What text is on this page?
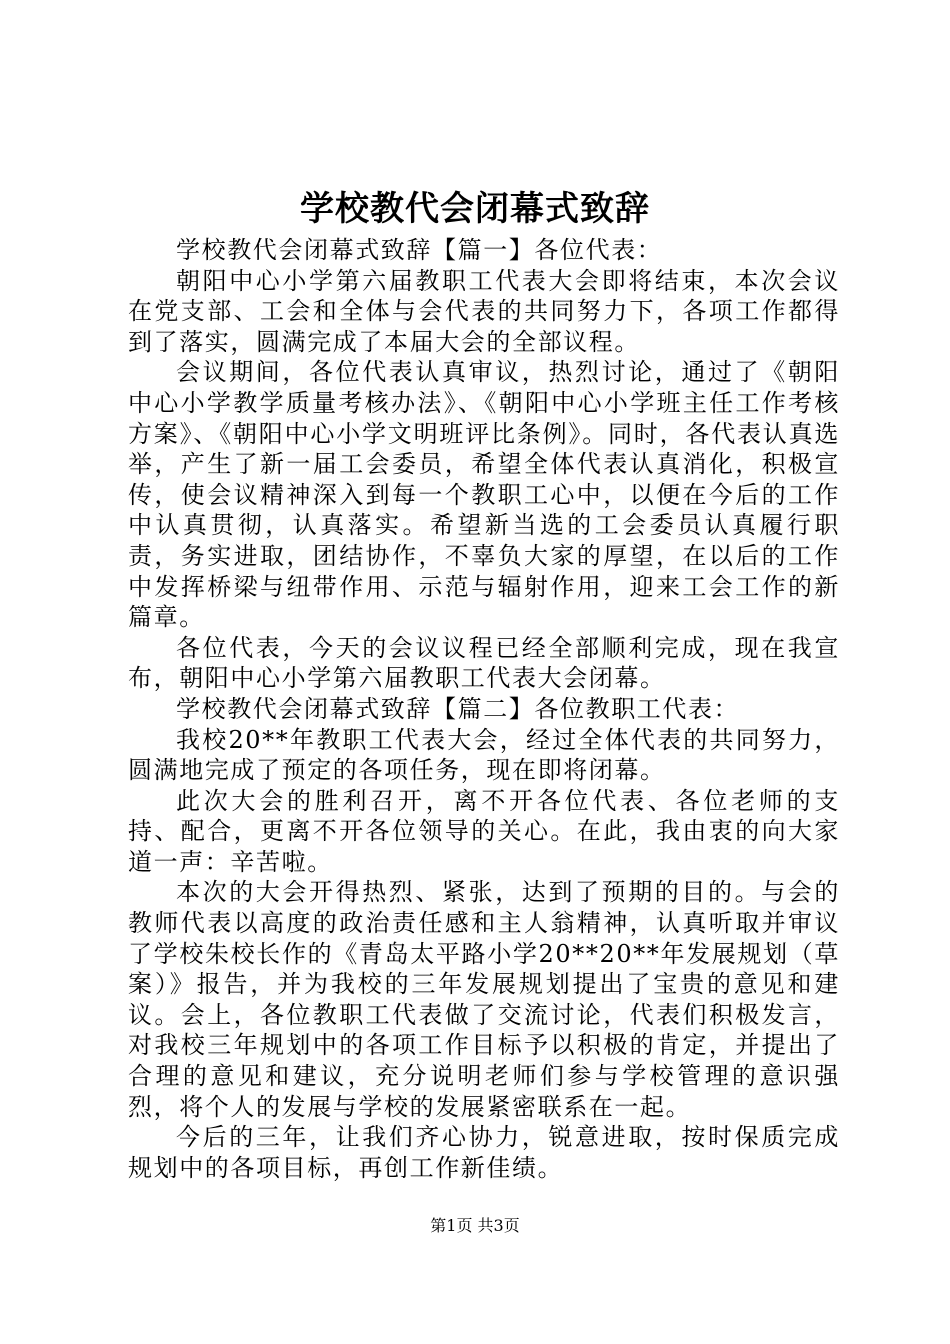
学校教代会闭幕式致辞

学校教代会闭幕式致辞【篇一】各位代表：

朝阳中心小学第六届教职工代表大会即将结束，本次会议在党支部、工会和全体与会代表的共同努力下，各项工作都得到了落实，圆满完成了本届大会的全部议程。

会议期间，各位代表认真审议，热烈讨论，通过了《朝阳中心小学教学质量考核办法》、《朝阳中心小学班主任工作考核方案》、《朝阳中心小学文明班评比条例》。同时，各代表认真选举，产生了新一届工会委员，希望全体代表认真消化，积极宣传，使会议精神深入到每一个教职工心中，以便在今后的工作中认真贯彻，认真落实。希望新当选的工会委员认真履行职责，务实进取，团结协作，不辜负大家的厚望，在以后的工作中发挥桥梁与纽带作用、示范与辐射作用，迎来工会工作的新篇章。

各位代表，今天的会议议程已经全部顺利完成，现在我宣布，朝阳中心小学第六届教职工代表大会闭幕。

学校教代会闭幕式致辞【篇二】各位教职工代表：

我校20**年教职工代表大会，经过全体代表的共同努力，圆满地完成了预定的各项任务，现在即将闭幕。

此次大会的胜利召开，离不开各位代表、各位老师的支持、配合，更离不开各位领导的关心。在此，我由衷的向大家道一声：辛苦啦。

本次的大会开得热烈、紧张，达到了预期的目的。与会的教师代表以高度的政治责任感和主人翁精神，认真听取并审议了学校朱校长作的《青岛太平路小学20**20**年发展规划（草案）》报告，并为我校的三年发展规划提出了宝贵的意见和建议。会上，各位教职工代表做了交流讨论，代表们积极发言，对我校三年规划中的各项工作目标予以积极的肯定，并提出了合理的意见和建议，充分说明老师们参与学校管理的意识强烈，将个人的发展与学校的发展紧密联系在一起。

今后的三年，让我们齐心协力，锐意进取，按时保质完成规划中的各项目标，再创工作新佳绩。

第1页 共3页
